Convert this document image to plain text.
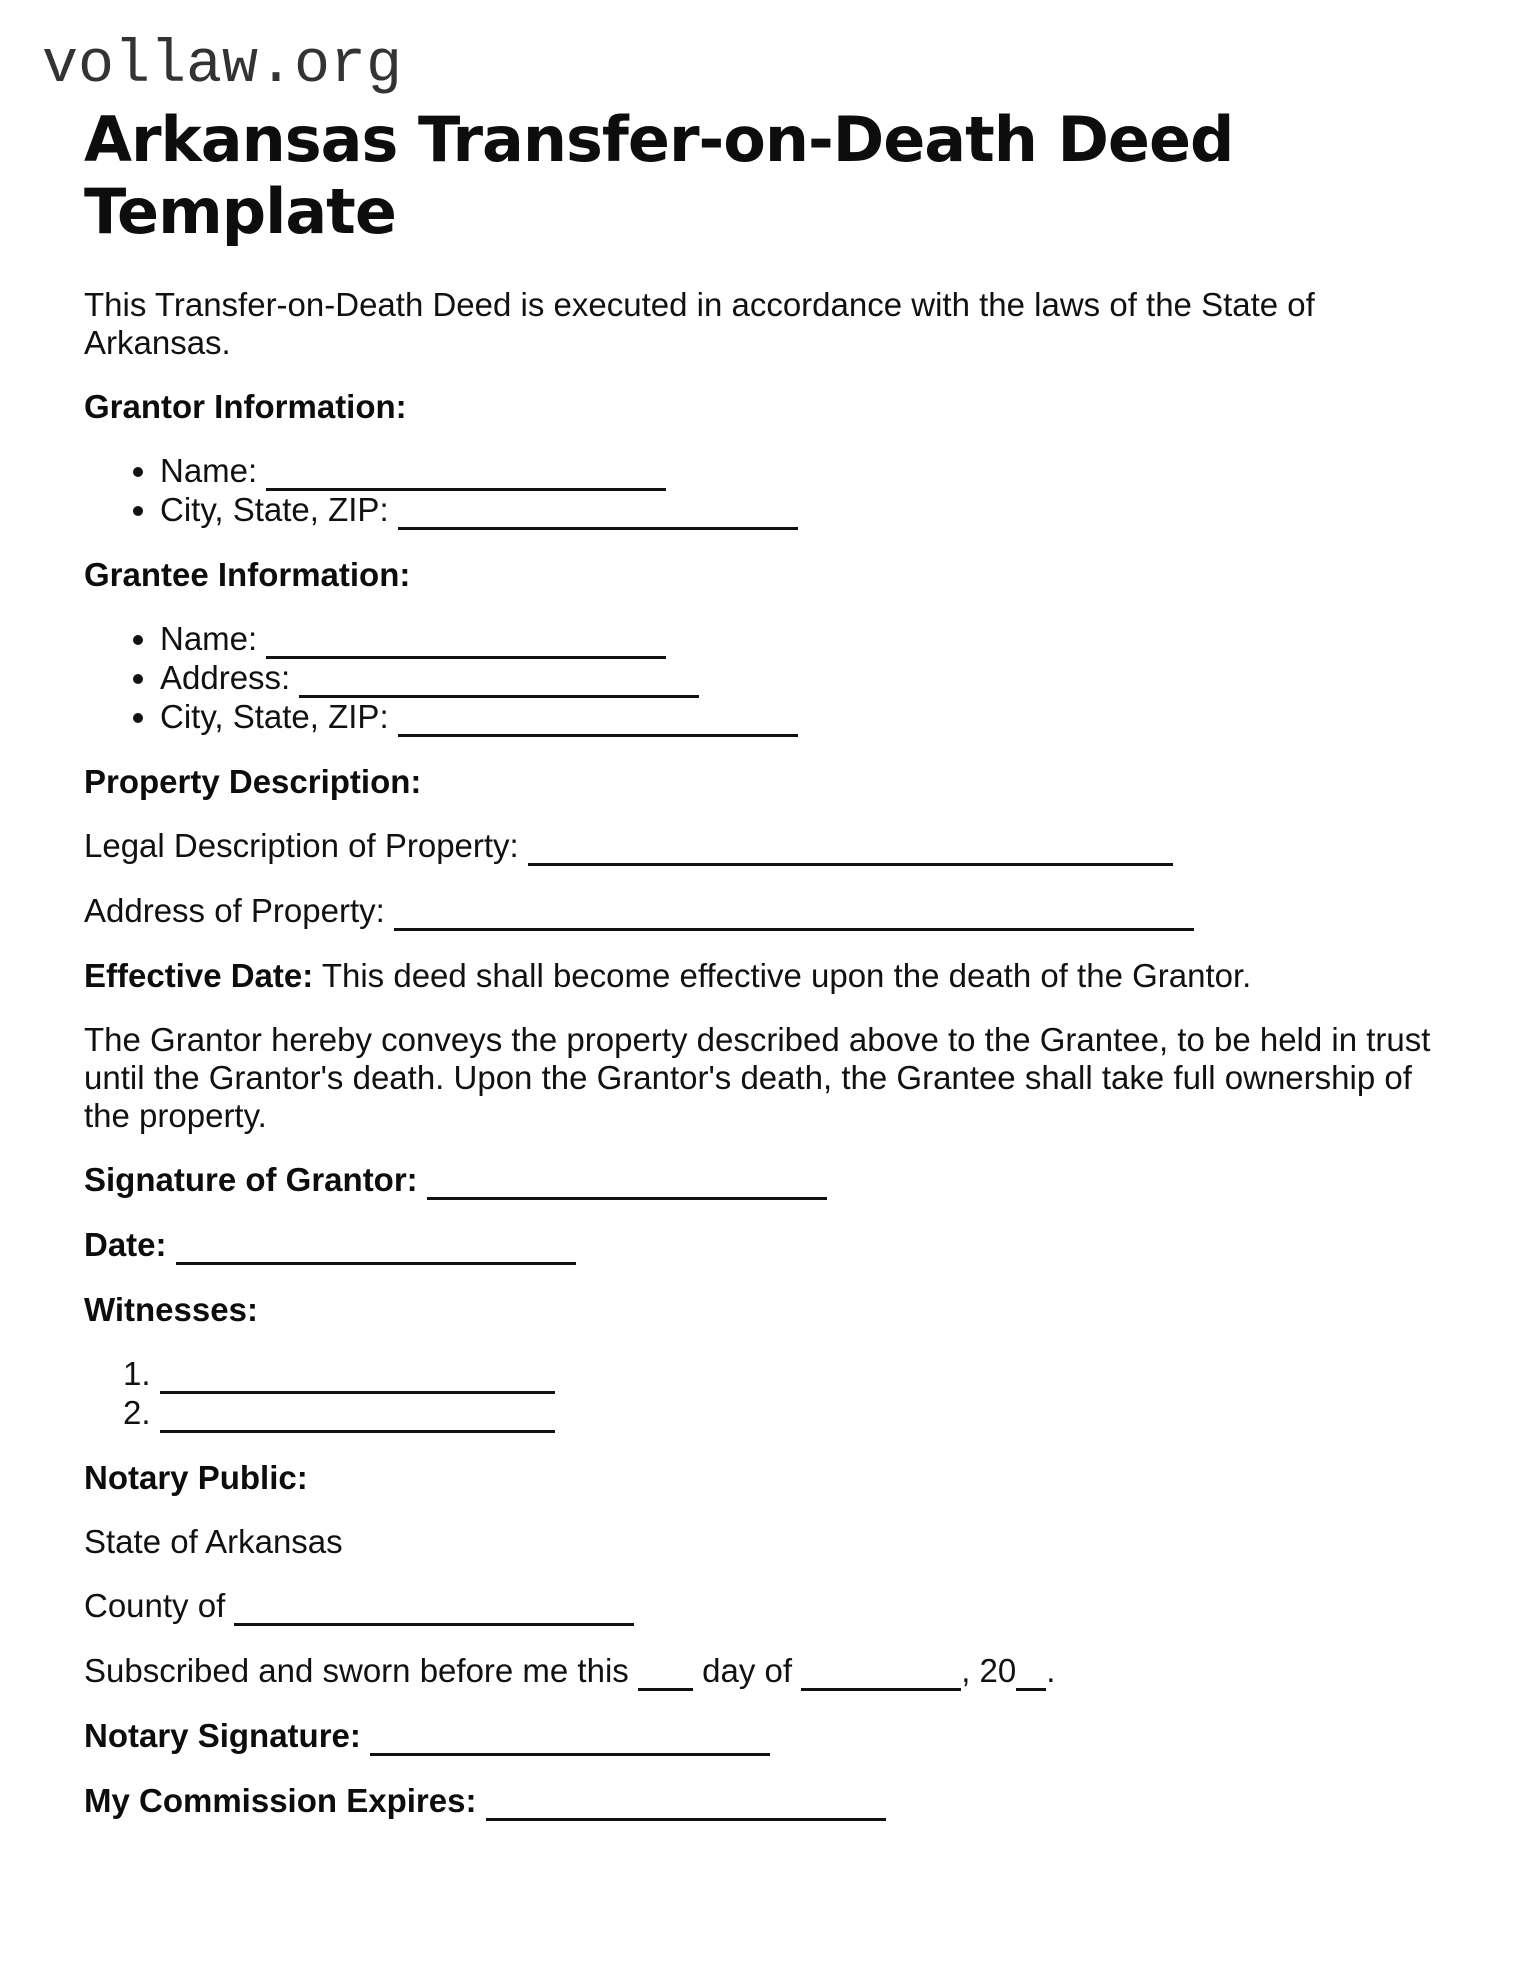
vollaw.org
Arkansas Transfer-on-Death Deed Template

This Transfer-on-Death Deed is executed in accordance with the laws of the State of Arkansas.

Grantor Information:
• Name:
• City, State, ZIP:
Grantee Information:
• Name:
• Address:
• City, State, ZIP:
Property Description:

Legal Description of Property:

Address of Property:

Effective Date: This deed shall become effective upon the death of the Grantor.

The Grantor hereby conveys the property described above to the Grantee, to be held in trust until the Grantor's death. Upon the Grantor's death, the Grantee shall take full ownership of the property.

Signature of Grantor:

Date:

Witnesses:
1.
2.
Notary Public:

State of Arkansas

County of

Subscribed and sworn before me this day of	, 20 .

Notary Signature:

My Commission Expires:
